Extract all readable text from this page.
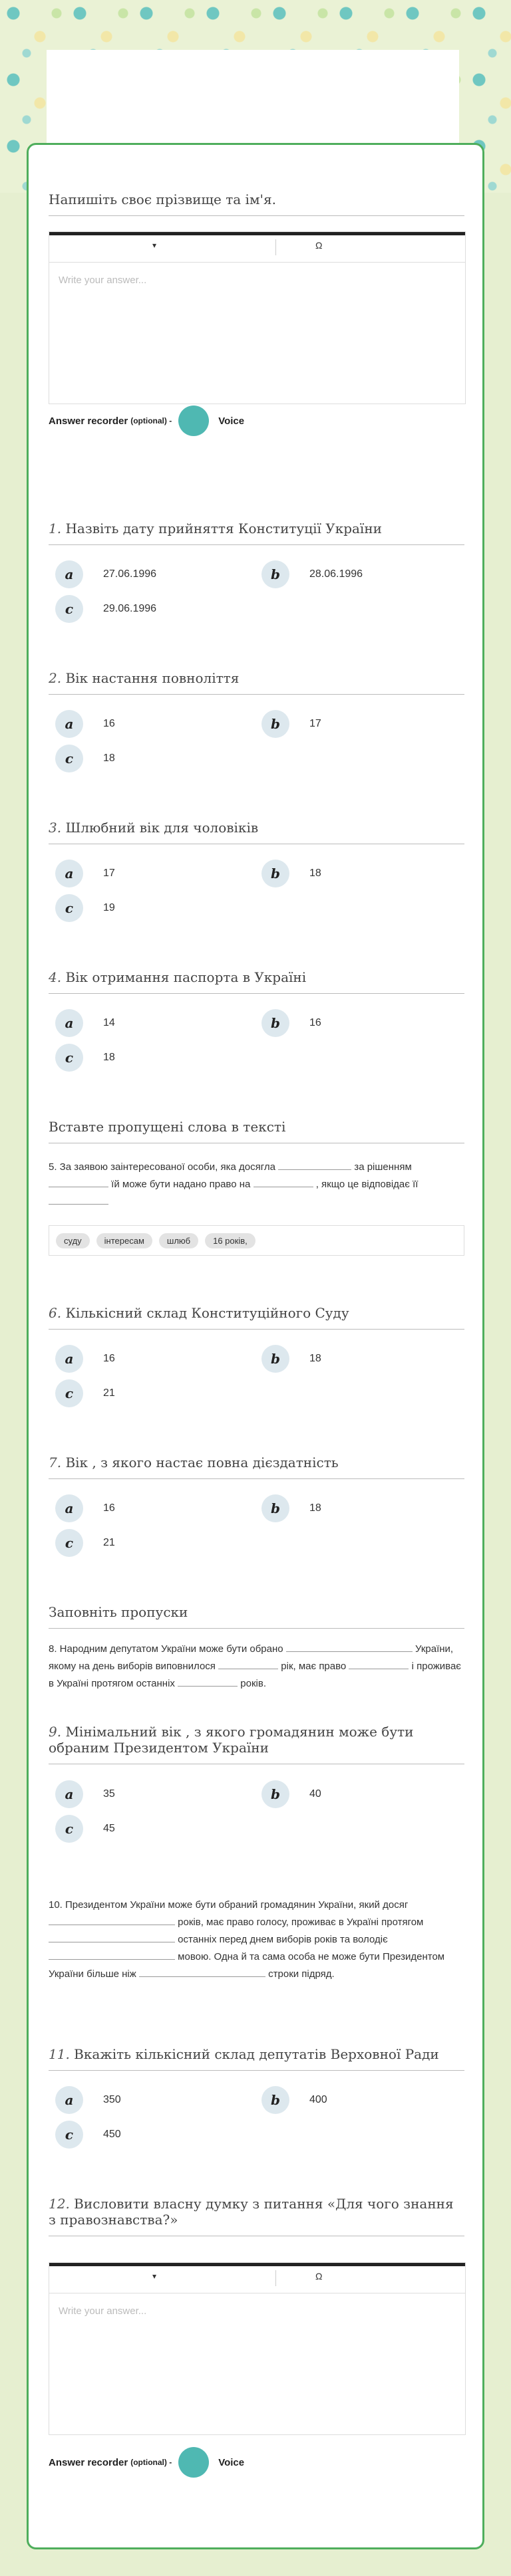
Напишіть своє прізвище та ім'я.
▾	Ω
Write your answer...
Answer recorder (optional) -	Voice
1. Назвіть дату прийняття Конституції України
a	27.06.1996	b	28.06.1996
c	29.06.1996
2. Вік настання повноліття
a	16	b	17
c	18
3. Шлюбний вік для чоловіків
a	17	b	18
c	19
4. Вік отримання паспорта в Україні
a	14	b	16
c	18
Вставте пропущені слова в тексті
5. За заявою заінтересованої особи, яка досягла	за рішенням  їй може бути надано право на	, якщо це відповідає її
суду	інтересам	шлюб	16 років,
6. Кількісний склад Конституційного Суду
a	16	b	18
c	21
7. Вік , з якого настає повна дієздатність
a	16	b	18
c	21
Заповніть пропуски
8. Народним депутатом України може бути обрано	України, якому на день виборів виповнилося	рік, має право	і проживає в Україні протягом останніх	років.
9. Мінімальний вік , з якого громадянин може бути обраним Президентом України
a	35	b	40
c	45
10. Президентом України може бути обраний громадянин України, який досяг  років, має право голосу, проживає в Україні протягом  останніх перед днем виборів років та володіє  мовою. Одна й та сама особа не може бути Президентом України більше ніж	строки підряд.
11. Вкажіть кількісний склад депутатів Верховної Ради
a	350	b	400
c	450
12. Висловити власну думку з питання «Для чого знання з правознавства?»
▾	Ω
Write your answer...
Answer recorder (optional) -	Voice
